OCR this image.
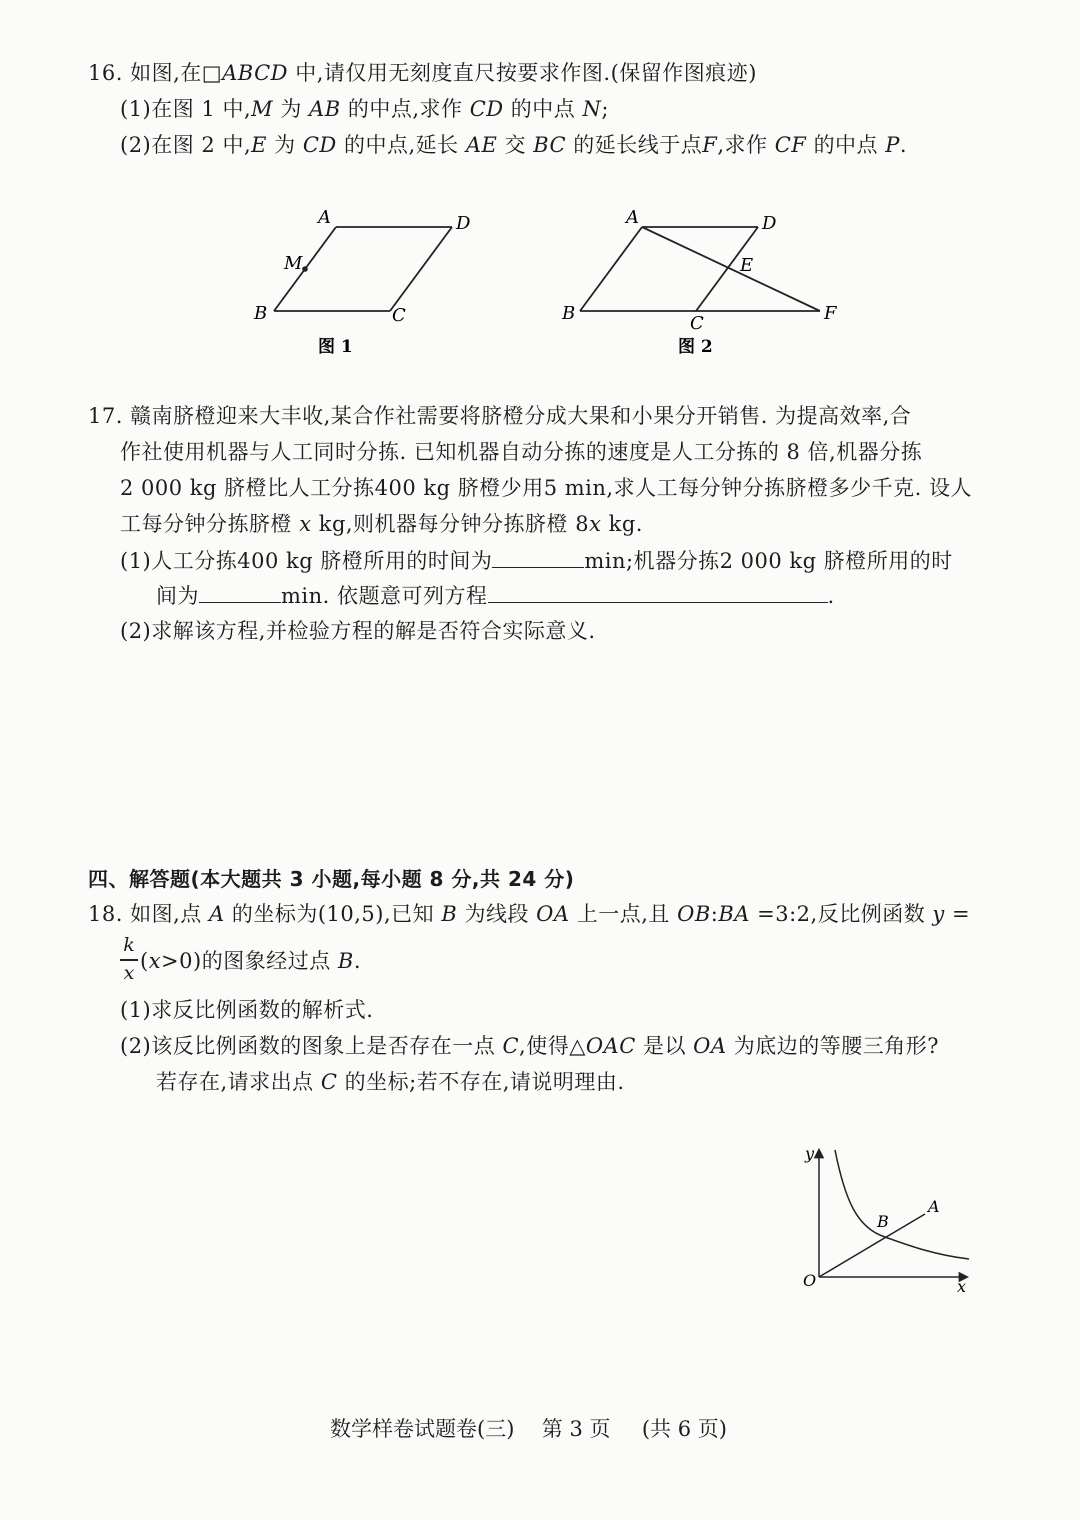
16. 如图,在□ABCD 中,请仅用无刻度直尺按要求作图.(保留作图痕迹)
(1)在图 1 中,M 为 AB 的中点,求作 CD 的中点 N;
(2)在图 2 中,E 为 CD 的中点,延长 AE 交 BC 的延长线于点F,求作 CF 的中点 P.
A	D
M
B	C
图 1
A	D
E
B	C	F
图 2
17. 赣南脐橙迎来大丰收,某合作社需要将脐橙分成大果和小果分开销售. 为提高效率,合
作社使用机器与人工同时分拣. 已知机器自动分拣的速度是人工分拣的 8 倍,机器分拣
2 000 kg 脐橙比人工分拣400 kg 脐橙少用5 min,求人工每分钟分拣脐橙多少千克. 设人
工每分钟分拣脐橙 x kg,则机器每分钟分拣脐橙 8x kg.
(1)人工分拣400 kg 脐橙所用的时间为	min;机器分拣2 000 kg 脐橙所用的时
间为	min. 依题意可列方程	.
(2)求解该方程,并检验方程的解是否符合实际意义.
四、解答题(本大题共 3 小题,每小题 8 分,共 24 分)
18. 如图,点 A 的坐标为(10,5),已知 B 为线段 OA 上一点,且 OB:BA =3:2,反比例函数 y =
k
x (x>0)的图象经过点 B.
(1)求反比例函数的解析式.
(2)该反比例函数的图象上是否存在一点 C,使得△OAC 是以 OA 为底边的等腰三角形?
若存在,请求出点 C 的坐标;若不存在,请说明理由.
y
x
O
A
B
数学样卷试题卷(三) 第 3 页 (共 6 页)
